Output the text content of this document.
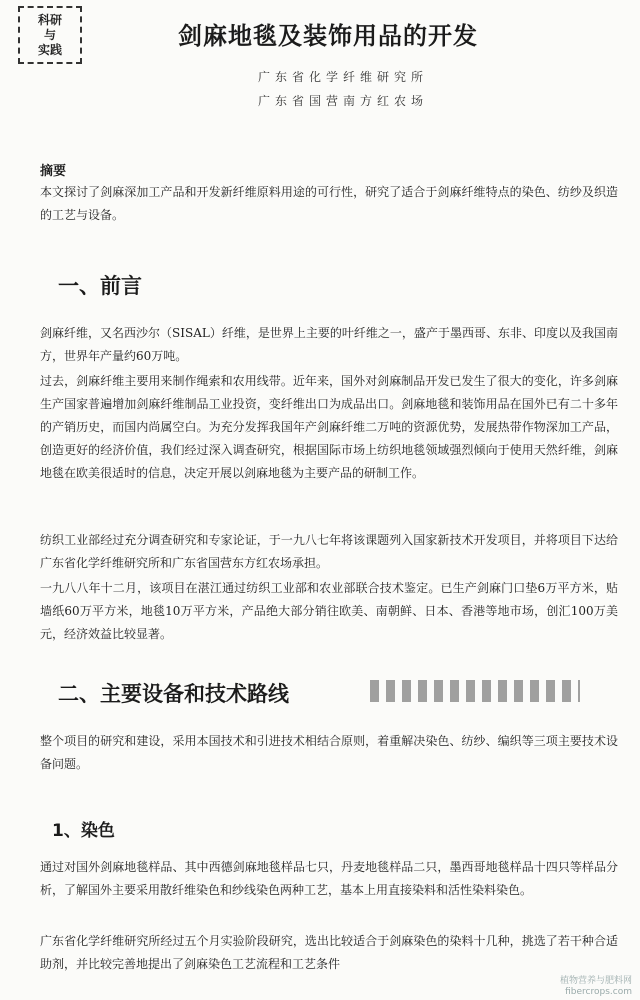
科研
与
实践	剑麻地毯及装饰用品的开发
广东省化学纤维研究所
广东省国营南方红农场
摘要
本文探讨了剑麻深加工产品和开发新纤维原料用途的可行性，研究了适合于剑麻纤维特点的染色、纺纱及织造的工艺与设备。
一、前言
剑麻纤维，又名西沙尔（SISAL）纤维，是世界上主要的叶纤维之一，盛产于墨西哥、东非、印度以及我国南方，世界年产量约60万吨。
过去，剑麻纤维主要用来制作绳索和农用线带。近年来，国外对剑麻制品开发已发生了很大的变化，许多剑麻生产国家普遍增加剑麻纤维制品工业投资，变纤维出口为成品出口。剑麻地毯和装饰用品在国外已有二十多年的产销历史，而国内尚属空白。为充分发挥我国年产剑麻纤维二万吨的资源优势，发展热带作物深加工产品，创造更好的经济价值，我们经过深入调查研究，根据国际市场上纺织地毯领域强烈倾向于使用天然纤维，剑麻地毯在欧美很适时的信息，决定开展以剑麻地毯为主要产品的研制工作。
纺织工业部经过充分调查研究和专家论证，于一九八七年将该课题列入国家新技术开发项目，并将项目下达给广东省化学纤维研究所和广东省国营东方红农场承担。
一九八八年十二月，该项目在湛江通过纺织工业部和农业部联合技术鉴定。已生产剑麻门口垫6万平方米，贴墙纸60万平方米，地毯10万平方米，产品绝大部分销往欧美、南朝鲜、日本、香港等地市场，创汇100万美元，经济效益比较显著。
二、主要设备和技术路线
整个项目的研究和建设，采用本国技术和引进技术相结合原则，着重解决染色、纺纱、编织等三项主要技术设备问题。
1、染色
通过对国外剑麻地毯样品、其中西德剑麻地毯样品七只，丹麦地毯样品二只，墨西哥地毯样品十四只等样品分析，了解国外主要采用散纤维染色和纱线染色两种工艺，基本上用直接染料和活性染料染色。
广东省化学纤维研究所经过五个月实验阶段研究，选出比较适合于剑麻染色的染料十几种，挑选了若干种合适助剂，并比较完善地提出了剑麻染色工艺流程和工艺条件
植物营养与肥料网
fibercrops.com
